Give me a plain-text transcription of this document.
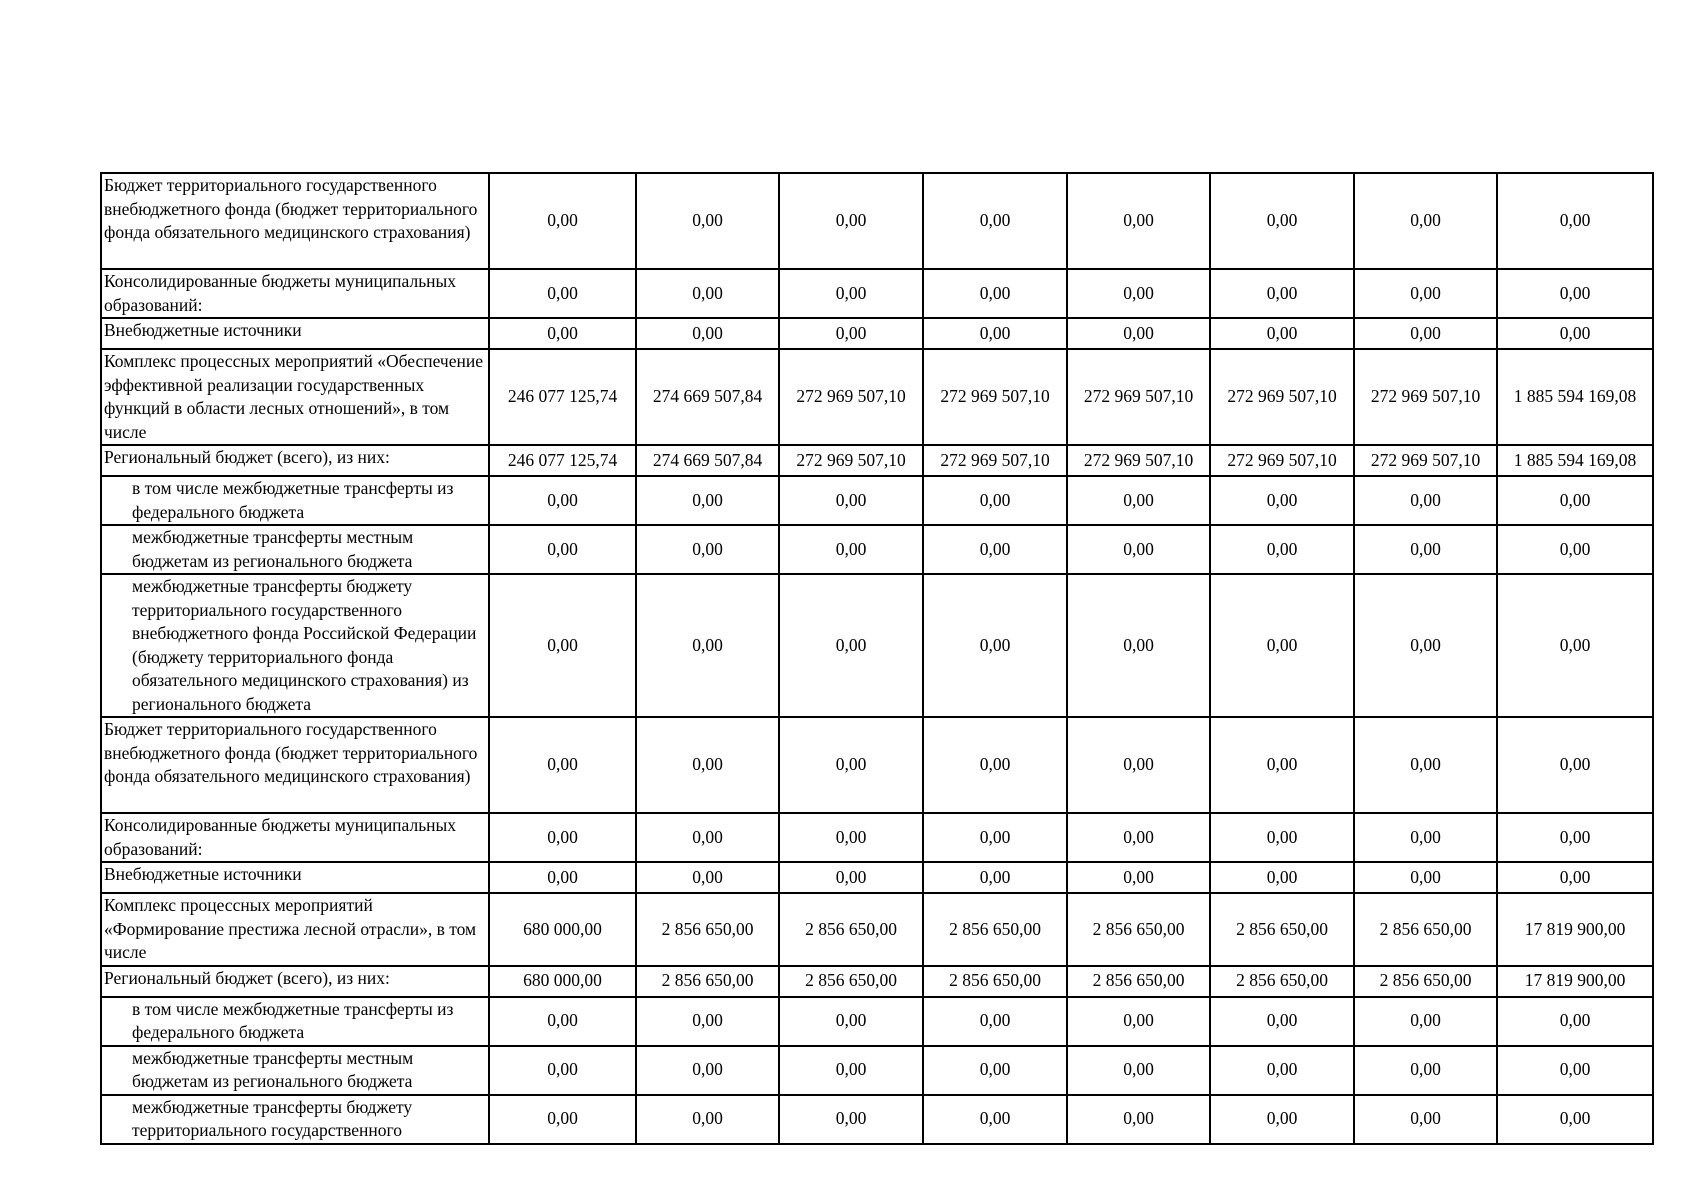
Бюджет территориального государственного внебюджетного фонда (бюджет территориального фонда обязательного медицинского страхования)	0,00	0,00	0,00	0,00	0,00	0,00	0,00	0,00

Консолидированные бюджеты муниципальных образований:	0,00	0,00	0,00	0,00	0,00	0,00	0,00	0,00

Внебюджетные источники	0,00	0,00	0,00	0,00	0,00	0,00	0,00	0,00

Комплекс процессных мероприятий «Обеспечение эффективной реализации государственных функций в области лесных отношений», в том числе	246 077 125,74	274 669 507,84	272 969 507,10	272 969 507,10	272 969 507,10	272 969 507,10	272 969 507,10	1 885 594 169,08

Региональный бюджет (всего), из них:	246 077 125,74	274 669 507,84	272 969 507,10	272 969 507,10	272 969 507,10	272 969 507,10	272 969 507,10	1 885 594 169,08

в том числе межбюджетные трансферты из федерального бюджета	0,00	0,00	0,00	0,00	0,00	0,00	0,00	0,00

межбюджетные трансферты местным бюджетам из регионального бюджета	0,00	0,00	0,00	0,00	0,00	0,00	0,00	0,00

межбюджетные трансферты бюджету территориального государственного внебюджетного фонда Российской Федерации (бюджету территориального фонда обязательного медицинского страхования) из регионального бюджета	0,00	0,00	0,00	0,00	0,00	0,00	0,00	0,00

Бюджет территориального государственного внебюджетного фонда (бюджет территориального фонда обязательного медицинского страхования)	0,00	0,00	0,00	0,00	0,00	0,00	0,00	0,00

Консолидированные бюджеты муниципальных образований:	0,00	0,00	0,00	0,00	0,00	0,00	0,00	0,00

Внебюджетные источники	0,00	0,00	0,00	0,00	0,00	0,00	0,00	0,00

Комплекс процессных мероприятий «Формирование престижа лесной отрасли», в том числе	680 000,00	2 856 650,00	2 856 650,00	2 856 650,00	2 856 650,00	2 856 650,00	2 856 650,00	17 819 900,00

Региональный бюджет (всего), из них:	680 000,00	2 856 650,00	2 856 650,00	2 856 650,00	2 856 650,00	2 856 650,00	2 856 650,00	17 819 900,00

в том числе межбюджетные трансферты из федерального бюджета	0,00	0,00	0,00	0,00	0,00	0,00	0,00	0,00

межбюджетные трансферты местным бюджетам из регионального бюджета	0,00	0,00	0,00	0,00	0,00	0,00	0,00	0,00

межбюджетные трансферты бюджету территориального государственного	0,00	0,00	0,00	0,00	0,00	0,00	0,00	0,00
